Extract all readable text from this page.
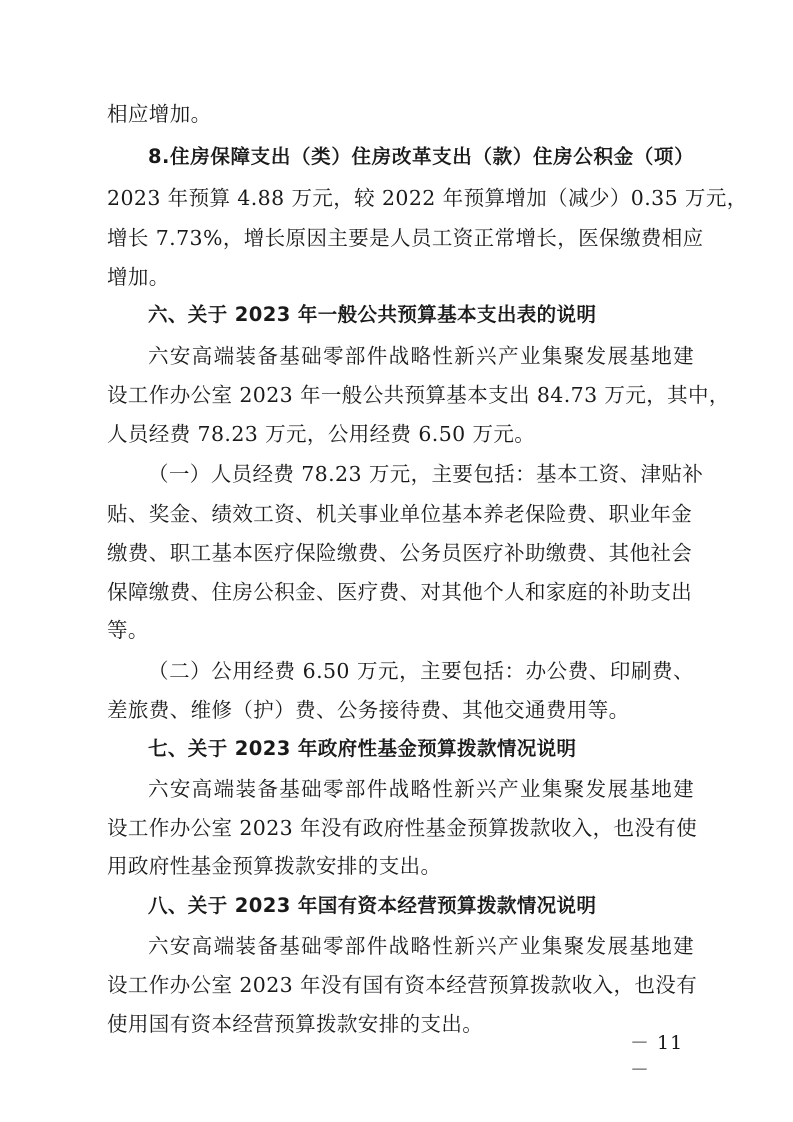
相应增加。
8.住房保障支出（类）住房改革支出（款）住房公积金（项）
2023 年预算 4.88 万元，较 2022 年预算增加（减少）0.35 万元，
增长 7.73%，增长原因主要是人员工资正常增长，医保缴费相应
增加。
六、关于 2023 年一般公共预算基本支出表的说明
六安高端装备基础零部件战略性新兴产业集聚发展基地建
设工作办公室 2023 年一般公共预算基本支出 84.73 万元，其中，
人员经费 78.23 万元，公用经费 6.50 万元。
（一）人员经费 78.23 万元，主要包括：基本工资、津贴补
贴、奖金、绩效工资、机关事业单位基本养老保险费、职业年金
缴费、职工基本医疗保险缴费、公务员医疗补助缴费、其他社会
保障缴费、住房公积金、医疗费、对其他个人和家庭的补助支出
等。
（二）公用经费 6.50 万元，主要包括：办公费、印刷费、
差旅费、维修（护）费、公务接待费、其他交通费用等。
七、关于 2023 年政府性基金预算拨款情况说明
六安高端装备基础零部件战略性新兴产业集聚发展基地建
设工作办公室 2023 年没有政府性基金预算拨款收入，也没有使
用政府性基金预算拨款安排的支出。
八、关于 2023 年国有资本经营预算拨款情况说明
六安高端装备基础零部件战略性新兴产业集聚发展基地建
设工作办公室 2023 年没有国有资本经营预算拨款收入，也没有
使用国有资本经营预算拨款安排的支出。
－ 11 －
